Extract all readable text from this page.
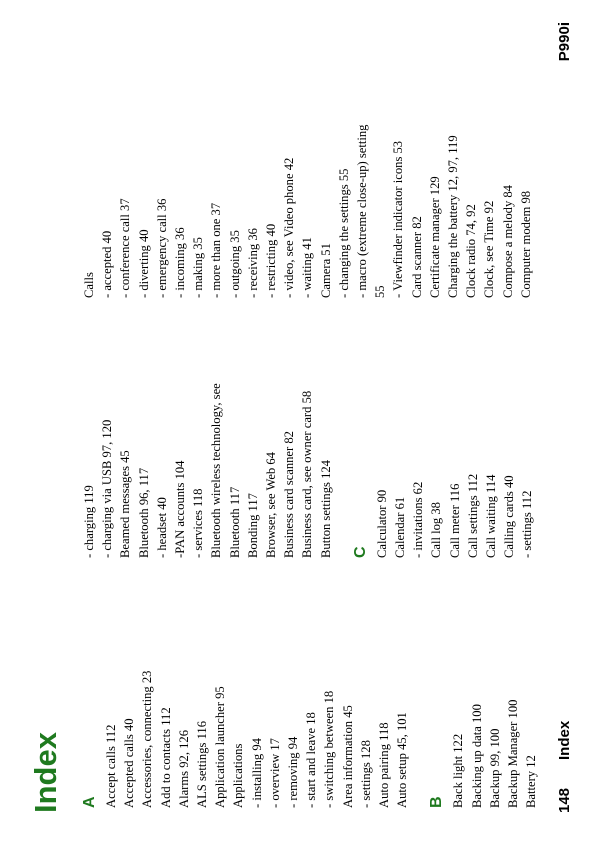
Index A Accept calls 112 Accepted calls 40 Accessories, connecting 23 Add to contacts 112 Alarms 92, 126 ALS settings 116 Application launcher 95 Applications - installing 94 - overview 17 - removing 94 - start and leave 18 - switching between 18 Area information 45 - settings 128 Auto pairing 118 Auto setup 45, 101 B Back light 122 Backing up data 100 Backup 99, 100 Backup Manager 100 Battery 12
- charging 119 - charging via USB 97, 120 Beamed messages 45 Bluetooth 96, 117 - headset 40 -PAN accounts 104 - services 118 Bluetooth wireless technology, see Bluetooth 117 Bonding 117 Browser, see Web 64 Business card scanner 82 Business card, see owner card 58 Button settings 124 C Calculator 90 Calendar 61 - invitations 62 Call log 38 Call meter 116 Call settings 112 Call waiting 114 Calling cards 40 - settings 112
Calls - accepted 40 - conference call 37 - diverting 40 - emergency call 36 - incoming 36 - making 35 - more than one 37 - outgoing 35 - receiving 36 - restricting 40 - video, see Video phone 42 - waiting 41 Camera 51 - changing the settings 55 - macro (extreme close-up) setting 55 - Viewfinder indicator icons 53 Card scanner 82 Certificate manager 129 Charging the battery 12, 97, 119 Clock radio 74, 92 Clock, see Time 92 Compose a melody 84 Computer modem 98
148
Index
P990i
